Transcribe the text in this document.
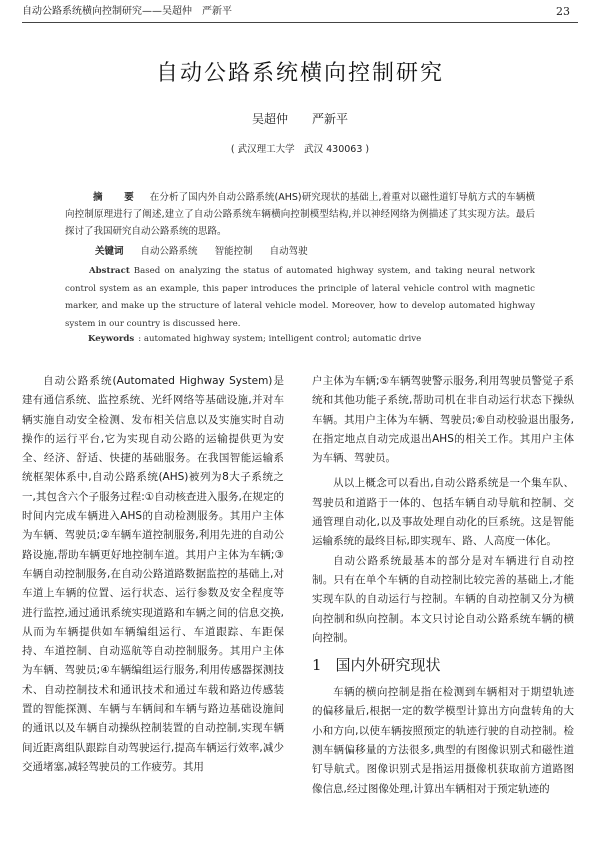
自动公路系统横向控制研究——吴超仲　严新平	23
自动公路系统横向控制研究
吴超仲　　严新平
( 武汉理工大学　武汉 430063 )
摘　要 在分析了国内外自动公路系统(AHS)研究现状的基础上,着重对以磁性道钉导航方式的车辆横向控制原理进行了阐述,建立了自动公路系统车辆横向控制模型结构,并以神经网络为例描述了其实现方法。最后探讨了我国研究自动公路系统的思路。
关键词 自动公路系统 智能控制 自动驾驶
Abstract Based on analyzing the status of automated highway system, and taking neural network control system as an example, this paper introduces the principle of lateral vehicle control with magnetic marker, and make up the structure of lateral vehicle model. Moreover, how to develop automated highway system in our country is discussed here.
Keywords : automated highway system; intelligent control; automatic drive

自动公路系统(Automated Highway System)是建有通信系统、监控系统、光纤网络等基础设施,并对车辆实施自动安全检测、发布相关信息以及实施实时自动操作的运行平台,它为实现自动公路的运输提供更为安全、经济、舒适、快捷的基础服务。在我国智能运输系统框架体系中,自动公路系统(AHS)被列为8大子系统之一,其包含六个子服务过程:①自动核查进入服务,在规定的时间内完成车辆进入AHS的自动检测服务。其用户主体为车辆、驾驶员;②车辆车道控制服务,利用先进的自动公路设施,帮助车辆更好地控制车道。其用户主体为车辆;③车辆自动控制服务,在自动公路道路数据监控的基础上,对车道上车辆的位置、运行状态、运行参数及安全程度等进行监控,通过通讯系统实现道路和车辆之间的信息交换,从而为车辆提供如车辆编组运行、车道跟踪、车距保持、车道控制、自动巡航等自动控制服务。其用户主体为车辆、驾驶员;④车辆编组运行服务,利用传感器探测技术、自动控制技术和通讯技术和通过车载和路边传感装置的智能探测、车辆与车辆间和车辆与路边基础设施间的通讯以及车辆自动操纵控制装置的自动控制,实现车辆间近距离组队跟踪自动驾驶运行,提高车辆运行效率,减少交通堵塞,减轻驾驶员的工作疲劳。其用

户主体为车辆;⑤车辆驾驶警示服务,利用驾驶员警觉子系统和其他功能子系统,帮助司机在非自动运行状态下操纵车辆。其用户主体为车辆、驾驶员;⑥自动校验退出服务,在指定地点自动完成退出AHS的相关工作。其用户主体为车辆、驾驶员。

从以上概念可以看出,自动公路系统是一个集车队、驾驶员和道路于一体的、包括车辆自动导航和控制、交通管理自动化,以及事故处理自动化的巨系统。这是智能运输系统的最终目标,即实现车、路、人高度一体化。

自动公路系统最基本的部分是对车辆进行自动控制。只有在单个车辆的自动控制比较完善的基础上,才能实现车队的自动运行与控制。车辆的自动控制又分为横向控制和纵向控制。本文只讨论自动公路系统车辆的横向控制。

1 国内外研究现状

车辆的横向控制是指在检测到车辆相对于期望轨迹的偏移量后,根据一定的数学模型计算出方向盘转角的大小和方向,以使车辆按照预定的轨迹行驶的自动控制。检测车辆偏移量的方法很多,典型的有图像识别式和磁性道钉导航式。图像识别式是指运用摄像机获取前方道路图像信息,经过图像处理,计算出车辆相对于预定轨迹的
